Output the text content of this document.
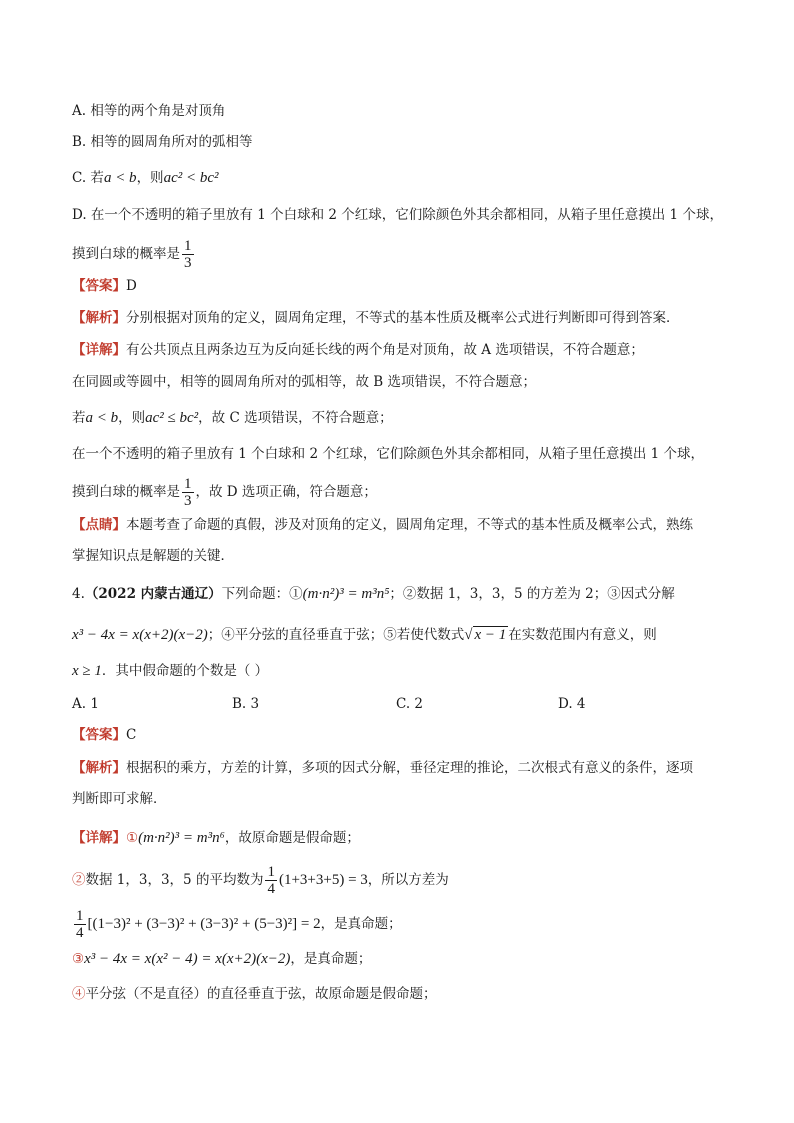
A. 相等的两个角是对顶角
B. 相等的圆周角所对的弧相等
C. 若a < b，则ac² < bc²
D. 在一个不透明的箱子里放有 1 个白球和 2 个红球，它们除颜色外其余都相同，从箱子里任意摸出 1 个球，
摸到白球的概率是 $\frac{1}{3}$
【答案】D
【解析】分别根据对顶角的定义，圆周角定理，不等式的基本性质及概率公式进行判断即可得到答案．
【详解】有公共顶点且两条边互为反向延长线的两个角是对顶角，故 A 选项错误，不符合题意；
在同圆或等圆中，相等的圆周角所对的弧相等，故 B 选项错误，不符合题意；
若a < b，则ac² ≤ bc²，故 C 选项错误，不符合题意；
在一个不透明的箱子里放有 1 个白球和 2 个红球，它们除颜色外其余都相同，从箱子里任意摸出 1 个球，
摸到白球的概率是 $\frac{1}{3}$ ，故 D 选项正确，符合题意；
【点睛】本题考查了命题的真假，涉及对顶角的定义，圆周角定理，不等式的基本性质及概率公式，熟练
掌握知识点是解题的关键．
4.（2022 内蒙古通辽）下列命题：①(m·n²)³ = m³n⁵；②数据 1，3，3，5 的方差为 2；③因式分解
x³ − 4x = x(x+2)(x−2)；④平分弦的直径垂直于弦；⑤若使代数式√ x − 1 在实数范围内有意义，则
x ≥ 1．其中假命题的个数是（ ）
A. 1	B. 3	C. 2	D. 4
【答案】C
【解析】根据积的乘方，方差的计算，多项的因式分解，垂径定理的推论，二次根式有意义的条件，逐项
判断即可求解．
【详解】①(m·n²)³ = m³n⁶，故原命题是假命题；
②数据 1，3，3，5 的平均数为 $\frac{1}{4} (1+3+3+5) = 3$，所以方差为
$\frac{1}{4} [(1-3)^2 + (3-3)^2 + (3-3)^2 + (5-3)^2] = 2$，是真命题；
③x³ − 4x = x(x² − 4) = x(x+2)(x−2)，是真命题；
④平分弦（不是直径）的直径垂直于弦，故原命题是假命题；
